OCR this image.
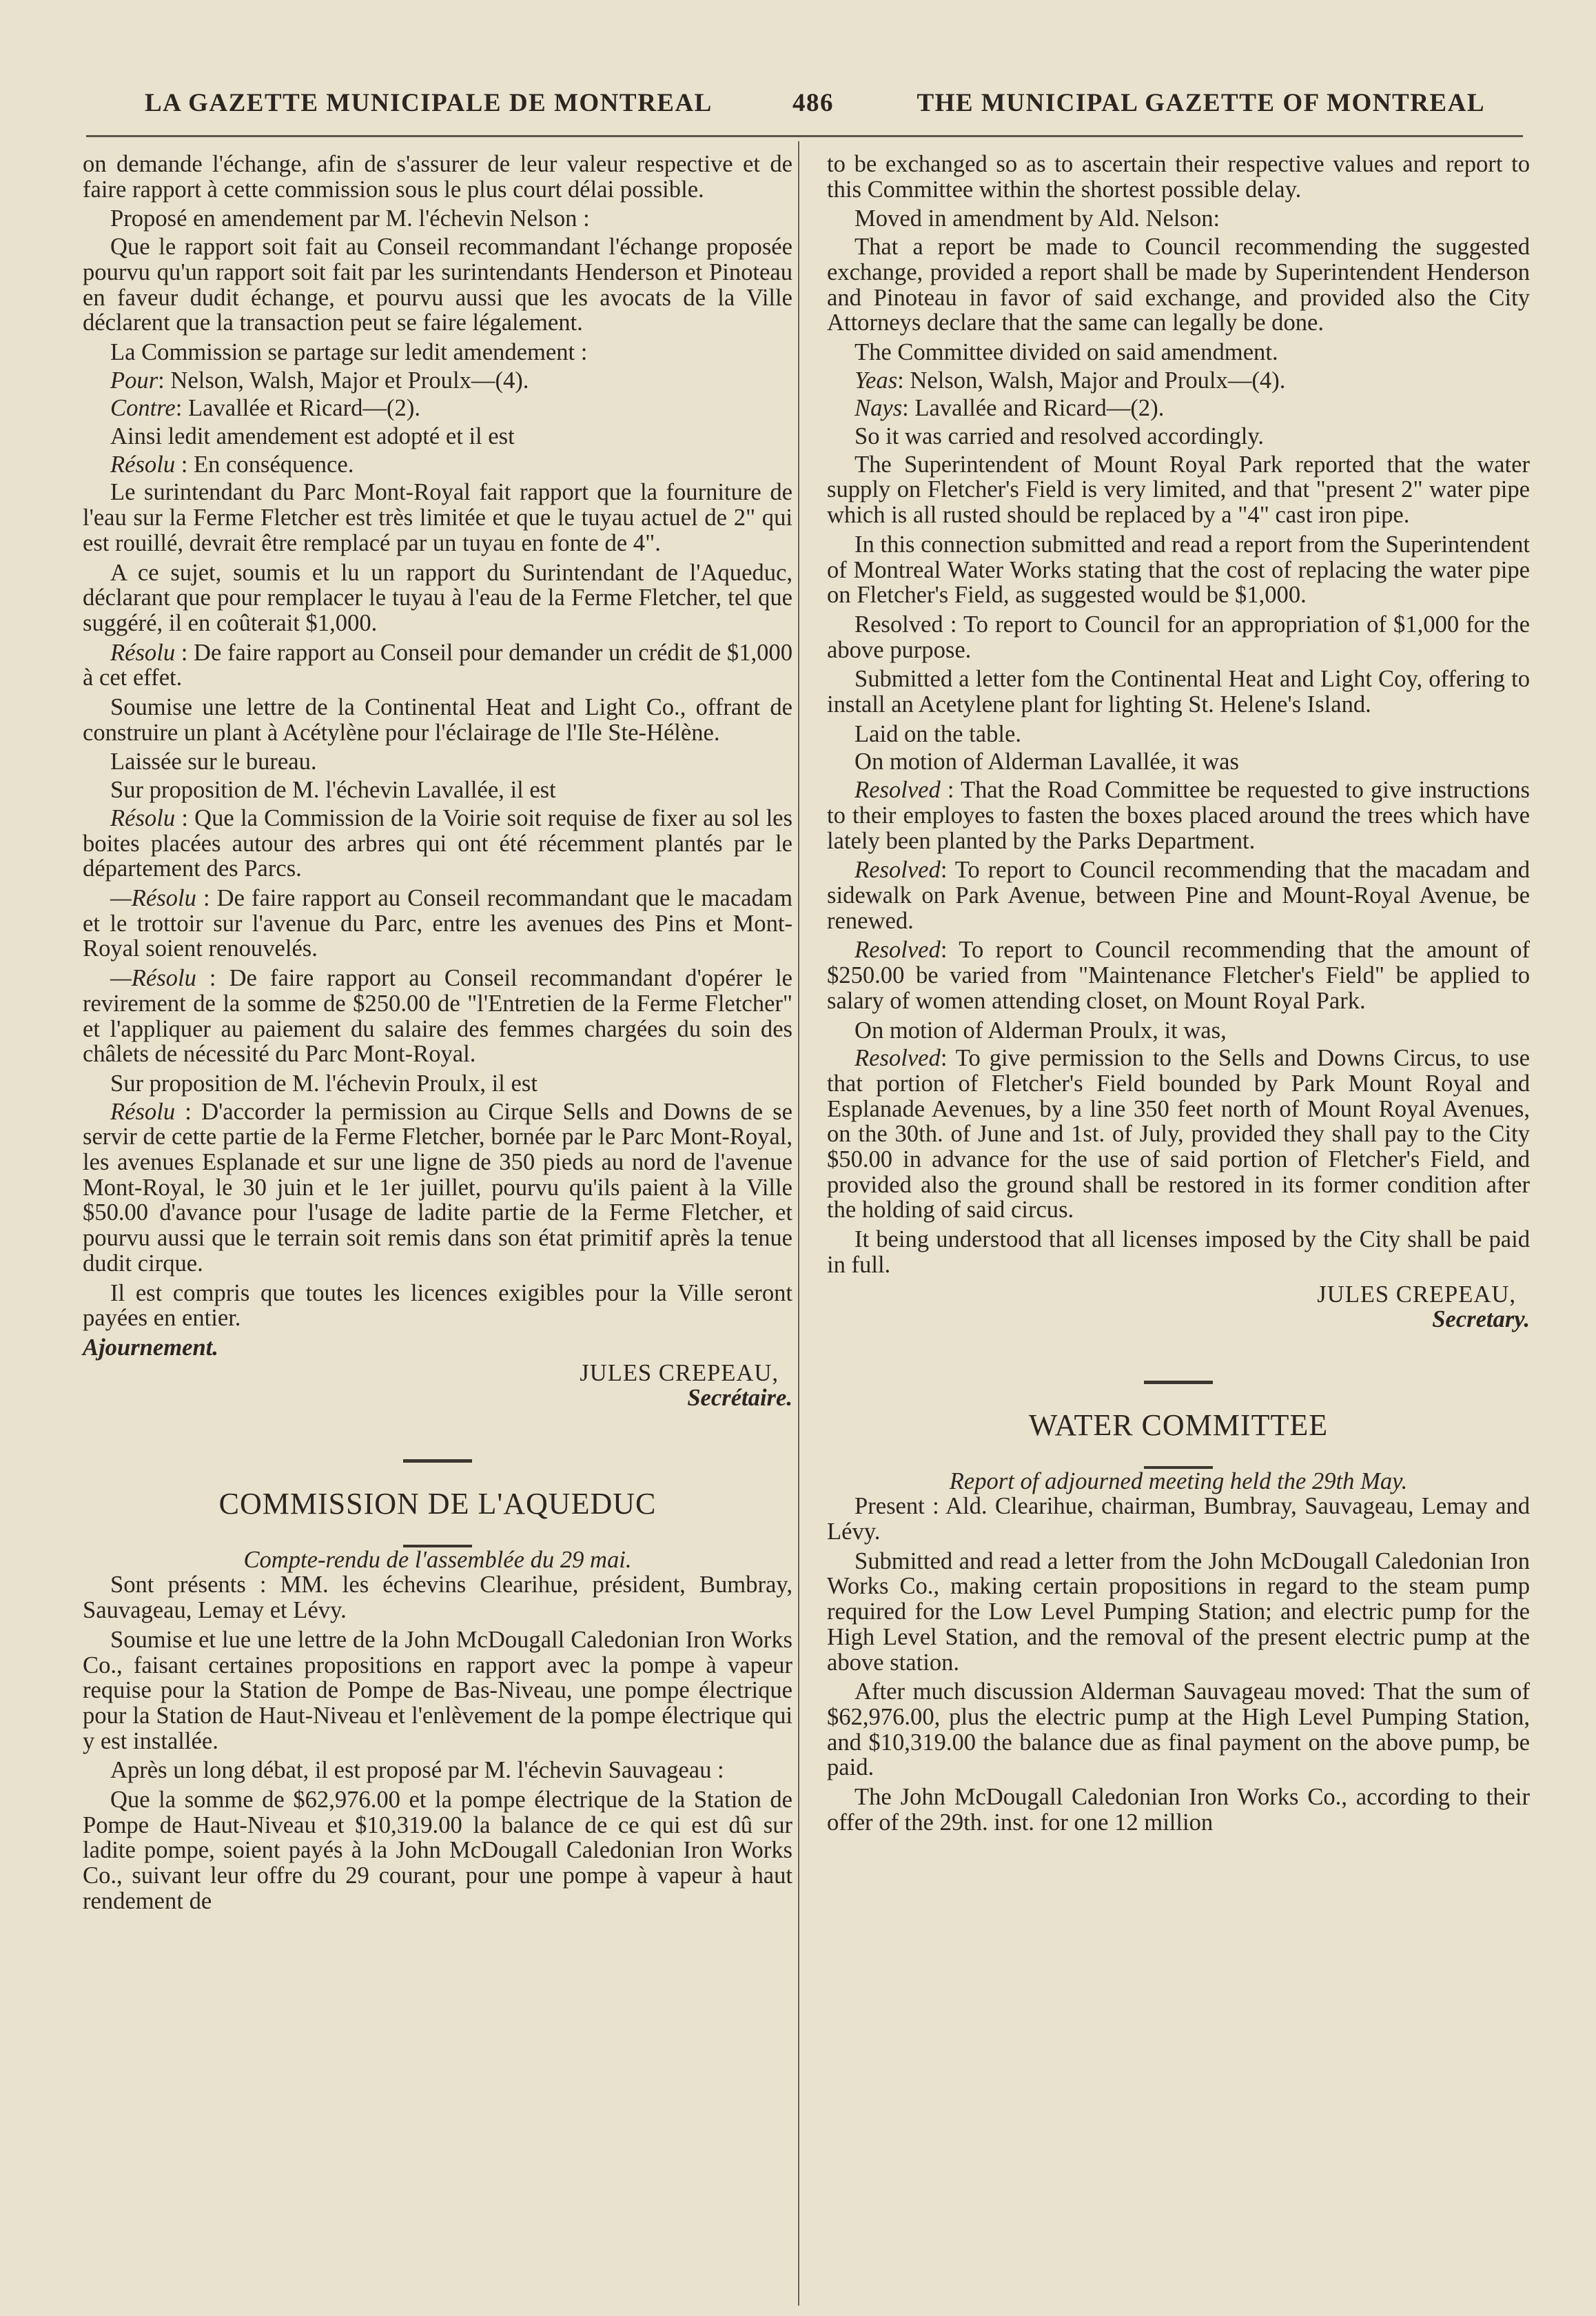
LA GAZETTE MUNICIPALE DE MONTREAL	486	THE MUNICIPAL GAZETTE OF MONTREAL

on demande l'échange, afin de s'assurer de leur valeur respective et de faire rapport à cette commission sous le plus court délai possible.

Proposé en amendement par M. l'échevin Nelson :

Que le rapport soit fait au Conseil recommandant l'échange proposée pourvu qu'un rapport soit fait par les surintendants Henderson et Pinoteau en faveur dudit échange, et pourvu aussi que les avocats de la Ville déclarent que la transaction peut se faire légalement.

La Commission se partage sur ledit amendement :

Pour: Nelson, Walsh, Major et Proulx—(4).

Contre: Lavallée et Ricard—(2).

Ainsi ledit amendement est adopté et il est

Résolu : En conséquence.

Le surintendant du Parc Mont-Royal fait rapport que la fourniture de l'eau sur la Ferme Fletcher est très limitée et que le tuyau actuel de 2" qui est rouillé, devrait être remplacé par un tuyau en fonte de 4".

A ce sujet, soumis et lu un rapport du Surintendant de l'Aqueduc, déclarant que pour remplacer le tuyau à l'eau de la Ferme Fletcher, tel que suggéré, il en coûterait $1,000.

Résolu : De faire rapport au Conseil pour demander un crédit de $1,000 à cet effet.

Soumise une lettre de la Continental Heat and Light Co., offrant de construire un plant à Acétylène pour l'éclairage de l'Ile Ste-Hélène.

Laissée sur le bureau.

Sur proposition de M. l'échevin Lavallée, il est

Résolu : Que la Commission de la Voirie soit requise de fixer au sol les boites placées autour des arbres qui ont été récemment plantés par le département des Parcs.

—Résolu : De faire rapport au Conseil recommandant que le macadam et le trottoir sur l'avenue du Parc, entre les avenues des Pins et Mont-Royal soient renouvelés.

—Résolu : De faire rapport au Conseil recommandant d'opérer le revirement de la somme de $250.00 de "l'Entretien de la Ferme Fletcher" et l'appliquer au paiement du salaire des femmes chargées du soin des châlets de nécessité du Parc Mont-Royal.

Sur proposition de M. l'échevin Proulx, il est

Résolu : D'accorder la permission au Cirque Sells and Downs de se servir de cette partie de la Ferme Fletcher, bornée par le Parc Mont-Royal, les avenues Esplanade et sur une ligne de 350 pieds au nord de l'avenue Mont-Royal, le 30 juin et le 1er juillet, pourvu qu'ils paient à la Ville $50.00 d'avance pour l'usage de ladite partie de la Ferme Fletcher, et pourvu aussi que le terrain soit remis dans son état primitif après la tenue dudit cirque.

Il est compris que toutes les licences exigibles pour la Ville seront payées en entier.

Ajournement.

JULES CREPEAU,

Secrétaire.

COMMISSION DE L'AQUEDUC

Compte-rendu de l'assemblée du 29 mai.

Sont présents : MM. les échevins Clearihue, président, Bumbray, Sauvageau, Lemay et Lévy.

Soumise et lue une lettre de la John McDougall Caledonian Iron Works Co., faisant certaines propositions en rapport avec la pompe à vapeur requise pour la Station de Pompe de Bas-Niveau, une pompe électrique pour la Station de Haut-Niveau et l'enlèvement de la pompe électrique qui y est installée.

Après un long débat, il est proposé par M. l'échevin Sauvageau :

Que la somme de $62,976.00 et la pompe électrique de la Station de Pompe de Haut-Niveau et $10,319.00 la balance de ce qui est dû sur ladite pompe, soient payés à la John McDougall Caledonian Iron Works Co., suivant leur offre du 29 courant, pour une pompe à vapeur à haut rendement de

to be exchanged so as to ascertain their respective values and report to this Committee within the shortest possible delay.

Moved in amendment by Ald. Nelson:

That a report be made to Council recommending the suggested exchange, provided a report shall be made by Superintendent Henderson and Pinoteau in favor of said exchange, and provided also the City Attorneys declare that the same can legally be done.

The Committee divided on said amendment.

Yeas: Nelson, Walsh, Major and Proulx—(4).

Nays: Lavallée and Ricard—(2).

So it was carried and resolved accordingly.

The Superintendent of Mount Royal Park reported that the water supply on Fletcher's Field is very limited, and that "present 2" water pipe which is all rusted should be replaced by a "4" cast iron pipe.

In this connection submitted and read a report from the Superintendent of Montreal Water Works stating that the cost of replacing the water pipe on Fletcher's Field, as suggested would be $1,000.

Resolved : To report to Council for an appropriation of $1,000 for the above purpose.

Submitted a letter fom the Continental Heat and Light Coy, offering to install an Acetylene plant for lighting St. Helene's Island.

Laid on the table.

On motion of Alderman Lavallée, it was

Resolved : That the Road Committee be requested to give instructions to their employes to fasten the boxes placed around the trees which have lately been planted by the Parks Department.

Resolved: To report to Council recommending that the macadam and sidewalk on Park Avenue, between Pine and Mount-Royal Avenue, be renewed.

Resolved: To report to Council recommending that the amount of $250.00 be varied from "Maintenance Fletcher's Field" be applied to salary of women attending closet, on Mount Royal Park.

On motion of Alderman Proulx, it was,

Resolved: To give permission to the Sells and Downs Circus, to use that portion of Fletcher's Field bounded by Park Mount Royal and Esplanade Aevenues, by a line 350 feet north of Mount Royal Avenues, on the 30th. of June and 1st. of July, provided they shall pay to the City $50.00 in advance for the use of said portion of Fletcher's Field, and provided also the ground shall be restored in its former condition after the holding of said circus.

It being understood that all licenses imposed by the City shall be paid in full.

JULES CREPEAU,

Secretary.

WATER COMMITTEE

Report of adjourned meeting held the 29th May.

Present : Ald. Clearihue, chairman, Bumbray, Sauvageau, Lemay and Lévy.

Submitted and read a letter from the John McDougall Caledonian Iron Works Co., making certain propositions in regard to the steam pump required for the Low Level Pumping Station; and electric pump for the High Level Station, and the removal of the present electric pump at the above station.

After much discussion Alderman Sauvageau moved: That the sum of $62,976.00, plus the electric pump at the High Level Pumping Station, and $10,319.00 the balance due as final payment on the above pump, be paid.

The John McDougall Caledonian Iron Works Co., according to their offer of the 29th. inst. for one 12 million
